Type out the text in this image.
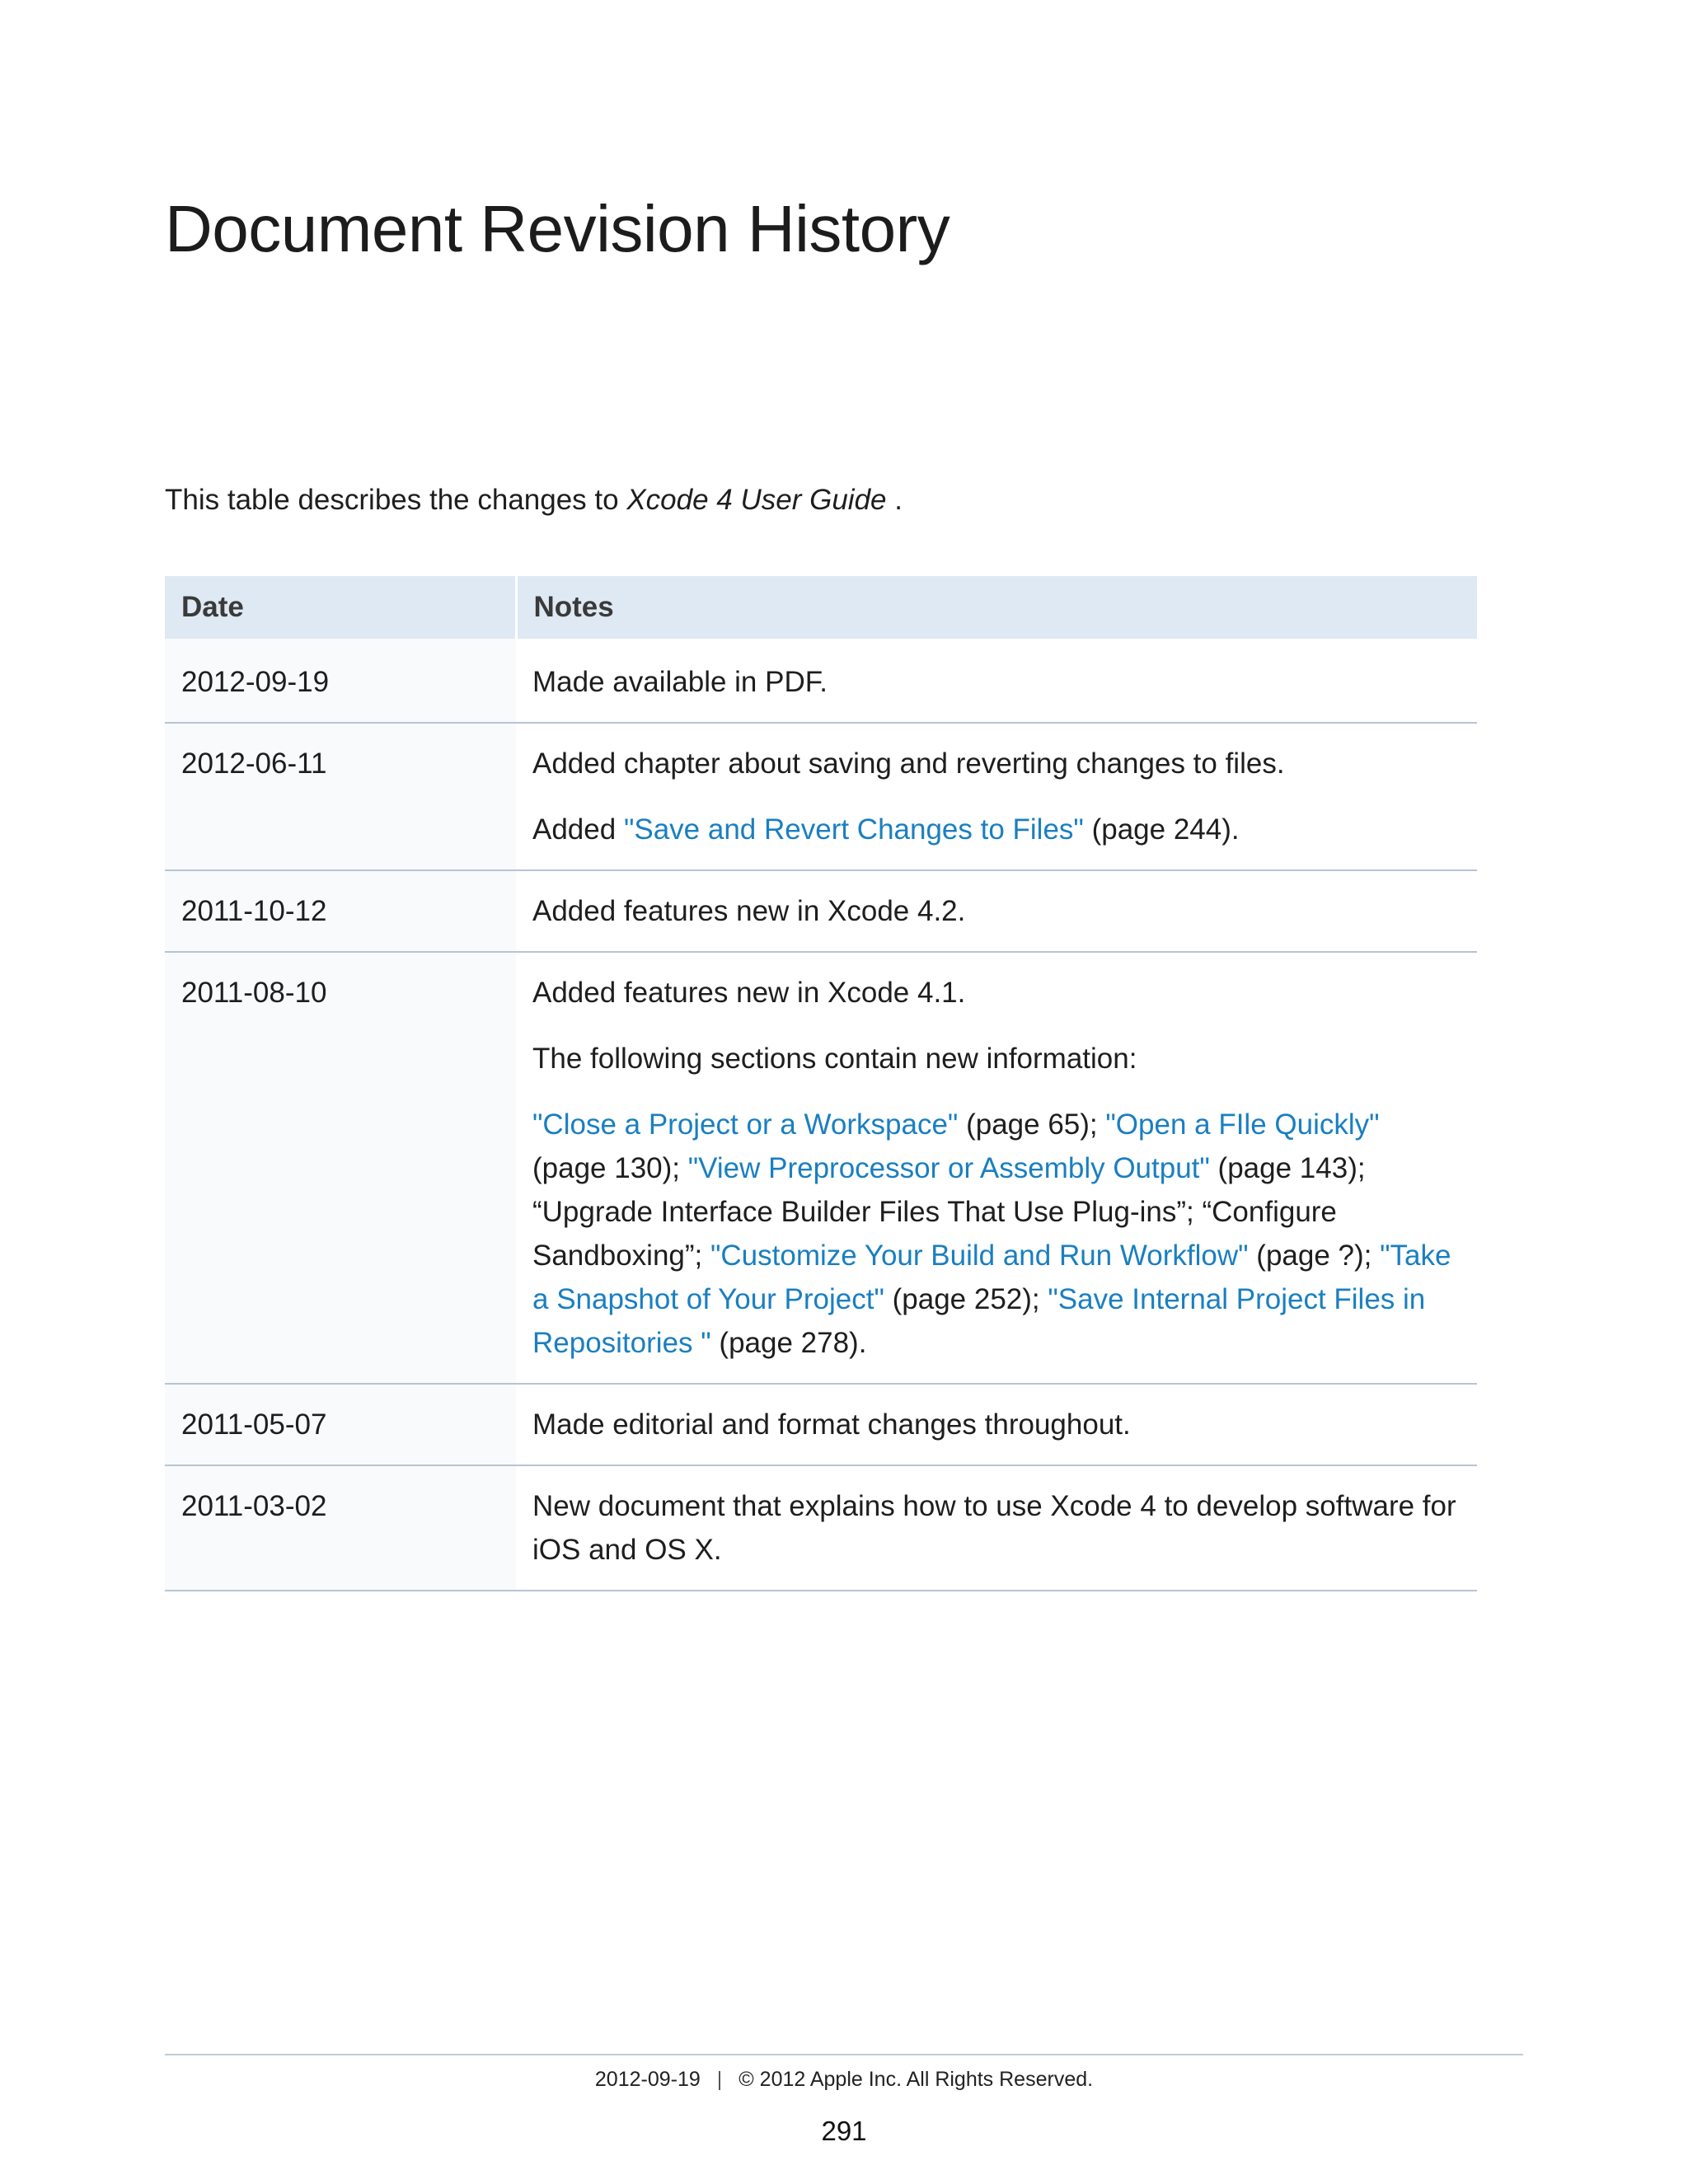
Document Revision History

This table describes the changes to Xcode 4 User Guide .

Date	Notes
2012-09-19	Made available in PDF.

2012-06-11	Added chapter about saving and reverting changes to files.

Added "Save and Revert Changes to Files" (page 244).

2011-10-12	Added features new in Xcode 4.2.

2011-08-10	Added features new in Xcode 4.1.

The following sections contain new information:

"Close a Project or a Workspace" (page 65); "Open a FIle Quickly" (page 130); "View Preprocessor or Assembly Output" (page 143); “Upgrade Interface Builder Files That Use Plug-ins”; “Configure Sandboxing”; "Customize Your Build and Run Workflow" (page ?); "Take a Snapshot of Your Project" (page 252); "Save Internal Project Files in Repositories " (page 278).

2011-05-07	Made editorial and format changes throughout.

2011-03-02	New document that explains how to use Xcode 4 to develop software for iOS and OS X.

2012-09-19 | © 2012 Apple Inc. All Rights Reserved.
291
